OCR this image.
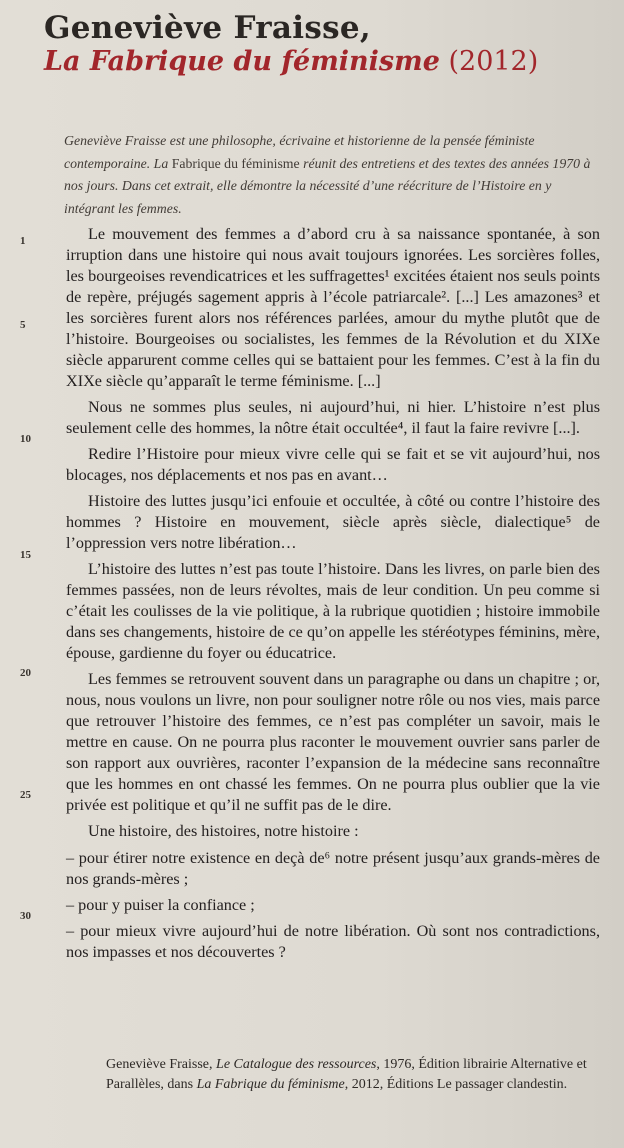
Geneviève Fraisse,
La Fabrique du féminisme (2012)
Geneviève Fraisse est une philosophe, écrivaine et historienne de la pensée féministe contemporaine. La Fabrique du féminisme réunit des entretiens et des textes des années 1970 à nos jours. Dans cet extrait, elle démontre la nécessité d’une réécriture de l’Histoire en y intégrant les femmes.
1
5
10
15
20
25
30

Le mouvement des femmes a d’abord cru à sa naissance spontanée, à son irruption dans une histoire qui nous avait toujours ignorées. Les sorcières folles, les bourgeoises revendicatrices et les suffragettes¹ excitées étaient nos seuls points de repère, préjugés sagement appris à l’école patriarcale². [...] Les amazones³ et les sorcières furent alors nos références parlées, amour du mythe plutôt que de l’histoire. Bourgeoises ou socialistes, les femmes de la Révolution et du XIXe siècle apparurent comme celles qui se battaient pour les femmes. C’est à la fin du XIXe siècle qu’apparaît le terme féminisme. [...]

Nous ne sommes plus seules, ni aujourd’hui, ni hier. L’histoire n’est plus seulement celle des hommes, la nôtre était occultée⁴, il faut la faire revivre [...].

Redire l’Histoire pour mieux vivre celle qui se fait et se vit aujourd’hui, nos blocages, nos déplacements et nos pas en avant…

Histoire des luttes jusqu’ici enfouie et occultée, à côté ou contre l’histoire des hommes ? Histoire en mouvement, siècle après siècle, dialectique⁵ de l’oppression vers notre libération…

L’histoire des luttes n’est pas toute l’histoire. Dans les livres, on parle bien des femmes passées, non de leurs révoltes, mais de leur condition. Un peu comme si c’était les coulisses de la vie politique, à la rubrique quotidien ; histoire immobile dans ses changements, histoire de ce qu’on appelle les stéréotypes féminins, mère, épouse, gardienne du foyer ou éducatrice.

Les femmes se retrouvent souvent dans un paragraphe ou dans un chapitre ; or, nous, nous voulons un livre, non pour souligner notre rôle ou nos vies, mais parce que retrouver l’histoire des femmes, ce n’est pas compléter un savoir, mais le mettre en cause. On ne pourra plus raconter le mouvement ouvrier sans parler de son rapport aux ouvrières, raconter l’expansion de la médecine sans reconnaître que les hommes en ont chassé les femmes. On ne pourra plus oublier que la vie privée est politique et qu’il ne suffit pas de le dire.

Une histoire, des histoires, notre histoire :

– pour étirer notre existence en deçà de⁶ notre présent jusqu’aux grands-mères de nos grands-mères ;

– pour y puiser la confiance ;

– pour mieux vivre aujourd’hui de notre libération. Où sont nos contradictions, nos impasses et nos découvertes ?

Geneviève Fraisse, Le Catalogue des ressources, 1976, Édition librairie Alternative et Parallèles, dans La Fabrique du féminisme, 2012, Éditions Le passager clandestin.
